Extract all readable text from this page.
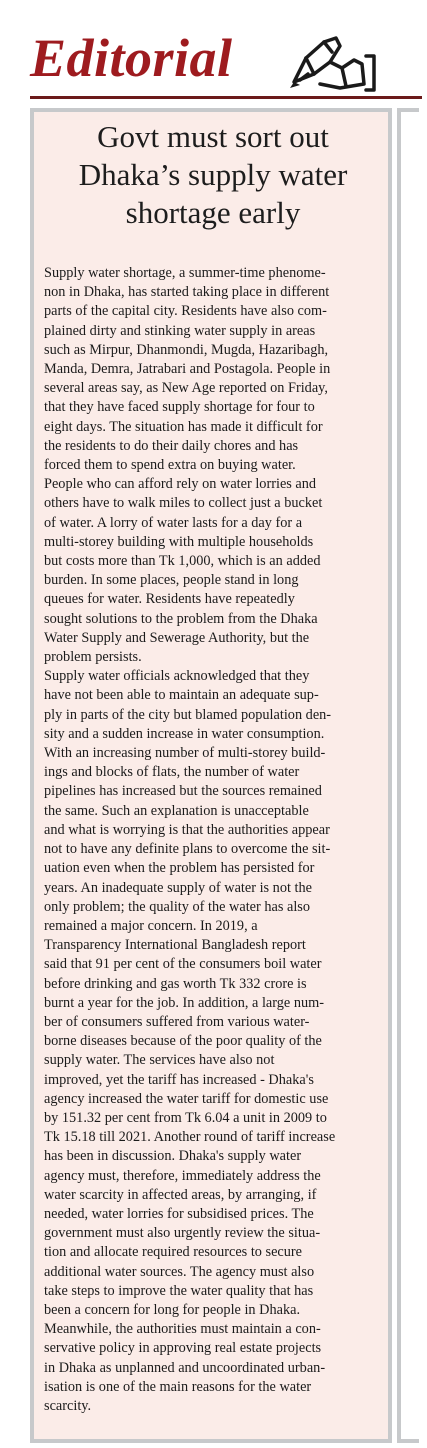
Editorial
Govt must sort out
Dhaka’s supply water
shortage early
Supply water shortage, a summer-time phenome-
non in Dhaka, has started taking place in different
parts of the capital city. Residents have also com-
plained dirty and stinking water supply in areas
such as Mirpur, Dhanmondi, Mugda, Hazaribagh,
Manda, Demra, Jatrabari and Postagola. People in
several areas say, as New Age reported on Friday,
that they have faced supply shortage for four to
eight days. The situation has made it difficult for
the residents to do their daily chores and has
forced them to spend extra on buying water.
People who can afford rely on water lorries and
others have to walk miles to collect just a bucket
of water. A lorry of water lasts for a day for a
multi-storey building with multiple households
but costs more than Tk 1,000, which is an added
burden. In some places, people stand in long
queues for water. Residents have repeatedly
sought solutions to the problem from the Dhaka
Water Supply and Sewerage Authority, but the
problem persists.
Supply water officials acknowledged that they
have not been able to maintain an adequate sup-
ply in parts of the city but blamed population den-
sity and a sudden increase in water consumption.
With an increasing number of multi-storey build-
ings and blocks of flats, the number of water
pipelines has increased but the sources remained
the same. Such an explanation is unacceptable
and what is worrying is that the authorities appear
not to have any definite plans to overcome the sit-
uation even when the problem has persisted for
years. An inadequate supply of water is not the
only problem; the quality of the water has also
remained a major concern. In 2019, a
Transparency International Bangladesh report
said that 91 per cent of the consumers boil water
before drinking and gas worth Tk 332 crore is
burnt a year for the job. In addition, a large num-
ber of consumers suffered from various water-
borne diseases because of the poor quality of the
supply water. The services have also not
improved, yet the tariff has increased - Dhaka's
agency increased the water tariff for domestic use
by 151.32 per cent from Tk 6.04 a unit in 2009 to
Tk 15.18 till 2021. Another round of tariff increase
has been in discussion. Dhaka's supply water
agency must, therefore, immediately address the
water scarcity in affected areas, by arranging, if
needed, water lorries for subsidised prices. The
government must also urgently review the situa-
tion and allocate required resources to secure
additional water sources. The agency must also
take steps to improve the water quality that has
been a concern for long for people in Dhaka.
Meanwhile, the authorities must maintain a con-
servative policy in approving real estate projects
in Dhaka as unplanned and uncoordinated urban-
isation is one of the main reasons for the water
scarcity.
